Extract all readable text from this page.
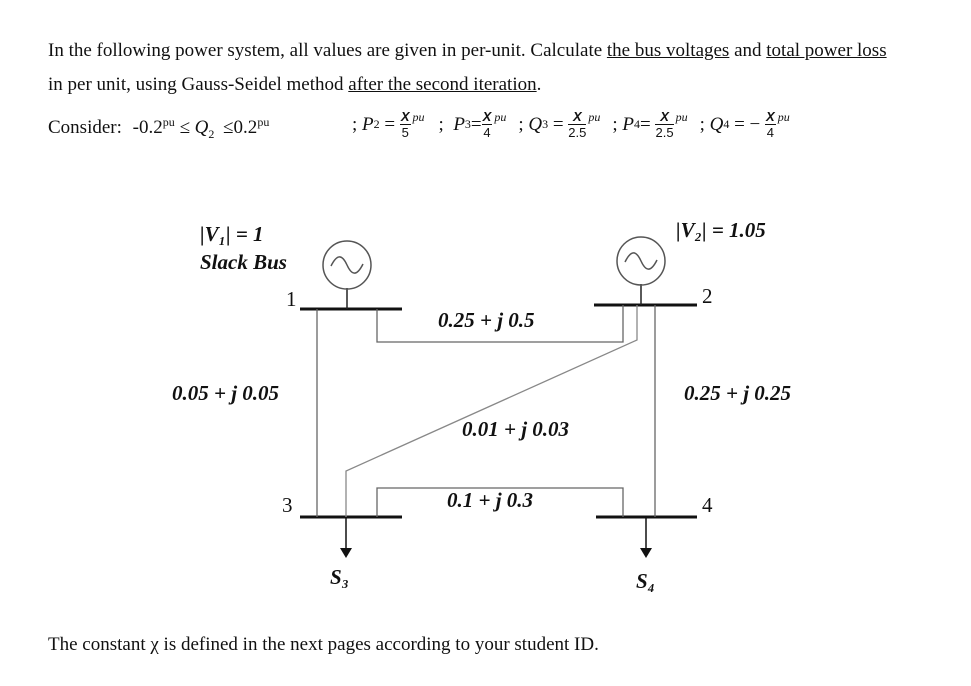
In the following power system, all values are given in per-unit. Calculate the bus voltages and total power loss
in per unit, using Gauss-Seidel method after the second iteration.
Consider: $-0.2^{pu} \le Q_2 \le 0.2^{pu}$	;
P $2 = \frac{X}{5}$ pu ;
P $3 = \frac{X}{4}$ pu ;
Q $3 = \frac{X}{2.5}$ pu ;
P $4 = \frac{X}{2.5}$ pu ;
Q 4 = − $\frac{X}{4}$ pu
|V₁| = 1
Slack Bus
|V₂| = 1.05
1	2
3	4
0.25 + j 0.5
0.05 + j 0.05	0.25 + j 0.25
0.01 + j 0.03
0.1 + j 0.3
S₃	S₄
The constant χ is defined in the next pages according to your student ID.
